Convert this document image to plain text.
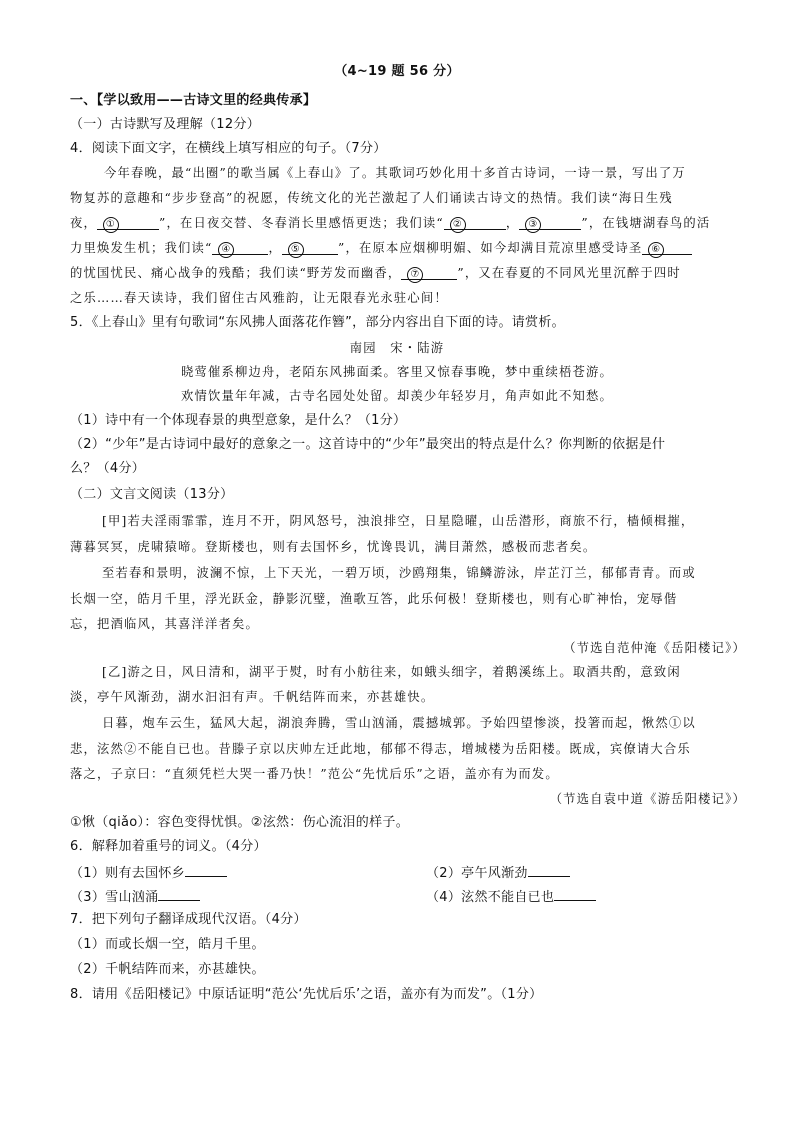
（4~19 题 56 分）
一、【学以致用——古诗文里的经典传承】
（一）古诗默写及理解（12分）
4．阅读下面文字，在横线上填写相应的句子。（7分）
今年春晚，最“出圈”的歌当属《上春山》了。其歌词巧妙化用十多首古诗词，一诗一景，写出了万
物复苏的意趣和“步步登高”的祝愿，传统文化的光芒激起了人们诵读古诗文的热情。我们读“海日生残
夜， ①	”，在日夜交替、冬春消长里感悟更迭；我们读“ ②	， ③	”，在钱塘湖春鸟的活
力里焕发生机；我们读“ ④	， ⑤	”，在原本应烟柳明媚、如今却满目荒凉里感受诗圣 ⑥
的忧国忧民、痛心战争的残酷；我们读“野芳发而幽香， ⑦	”，又在春夏的不同风光里沉醉于四时
之乐……春天读诗，我们留住古风雅韵，让无限春光永驻心间！
5．《上春山》里有句歌词“东风拂人面落花作簪”，部分内容出自下面的诗。请赏析。
南园　宋・陆游
晓莺催系柳边舟，老陌东风拂面柔。客里又惊春事晚，梦中重续梧苍游。
欢情饮量年年减，古寺名园处处留。却羡少年轻岁月，角声如此不知愁。
（1）诗中有一个体现春景的典型意象，是什么？（1分）
（2）“少年”是古诗词中最好的意象之一。这首诗中的“少年”最突出的特点是什么？你判断的依据是什
么？（4分）
（二）文言文阅读（13分）
[甲]若夫淫雨霏霏，连月不开，阴风怒号，浊浪排空，日星隐曜，山岳潜形，商旅不行，樯倾楫摧，
薄暮冥冥，虎啸猿啼。登斯楼也，则有去国怀乡，忧谗畏讥，满目萧然，感极而悲者矣。
至若春和景明，波澜不惊，上下天光，一碧万顷，沙鸥翔集，锦鳞游泳，岸芷汀兰，郁郁青青。而或
长烟一空，皓月千里，浮光跃金，静影沉璧，渔歌互答，此乐何极！登斯楼也，则有心旷神怡，宠辱偕
忘，把酒临风，其喜洋洋者矣。
（节选自范仲淹《岳阳楼记》）
[乙]游之日，风日清和，湖平于熨，时有小舫往来，如蛾头细字，着鹅溪练上。取酒共酌，意致闲
淡，亭午风渐劲，湖水汩汩有声。千帆结阵而来，亦甚雄快。
日暮，炮车云生，猛风大起，湖浪奔腾，雪山汹涌，震撼城郭。予始四望惨淡，投箸而起，愀然①以
悲，泫然②不能自已也。昔滕子京以庆帅左迁此地，郁郁不得志，增城楼为岳阳楼。既成，宾僚请大合乐
落之，子京曰：“直须凭栏大哭一番乃快！”范公“先忧后乐”之语，盖亦有为而发。
（节选自袁中道《游岳阳楼记》）
①愀（qiǎo）：容色变得忧惧。②泫然：伤心流泪的样子。
6．解释加着重号的词义。（4分）
（1）则有去国怀乡	（2）亭午风渐劲
（3）雪山汹涌	（4）泫然不能自已也
7．把下列句子翻译成现代汉语。（4分）
（1）而或长烟一空，皓月千里。
（2）千帆结阵而来，亦甚雄快。
8．请用《岳阳楼记》中原话证明“范公‘先忧后乐’之语，盖亦有为而发”。（1分）
